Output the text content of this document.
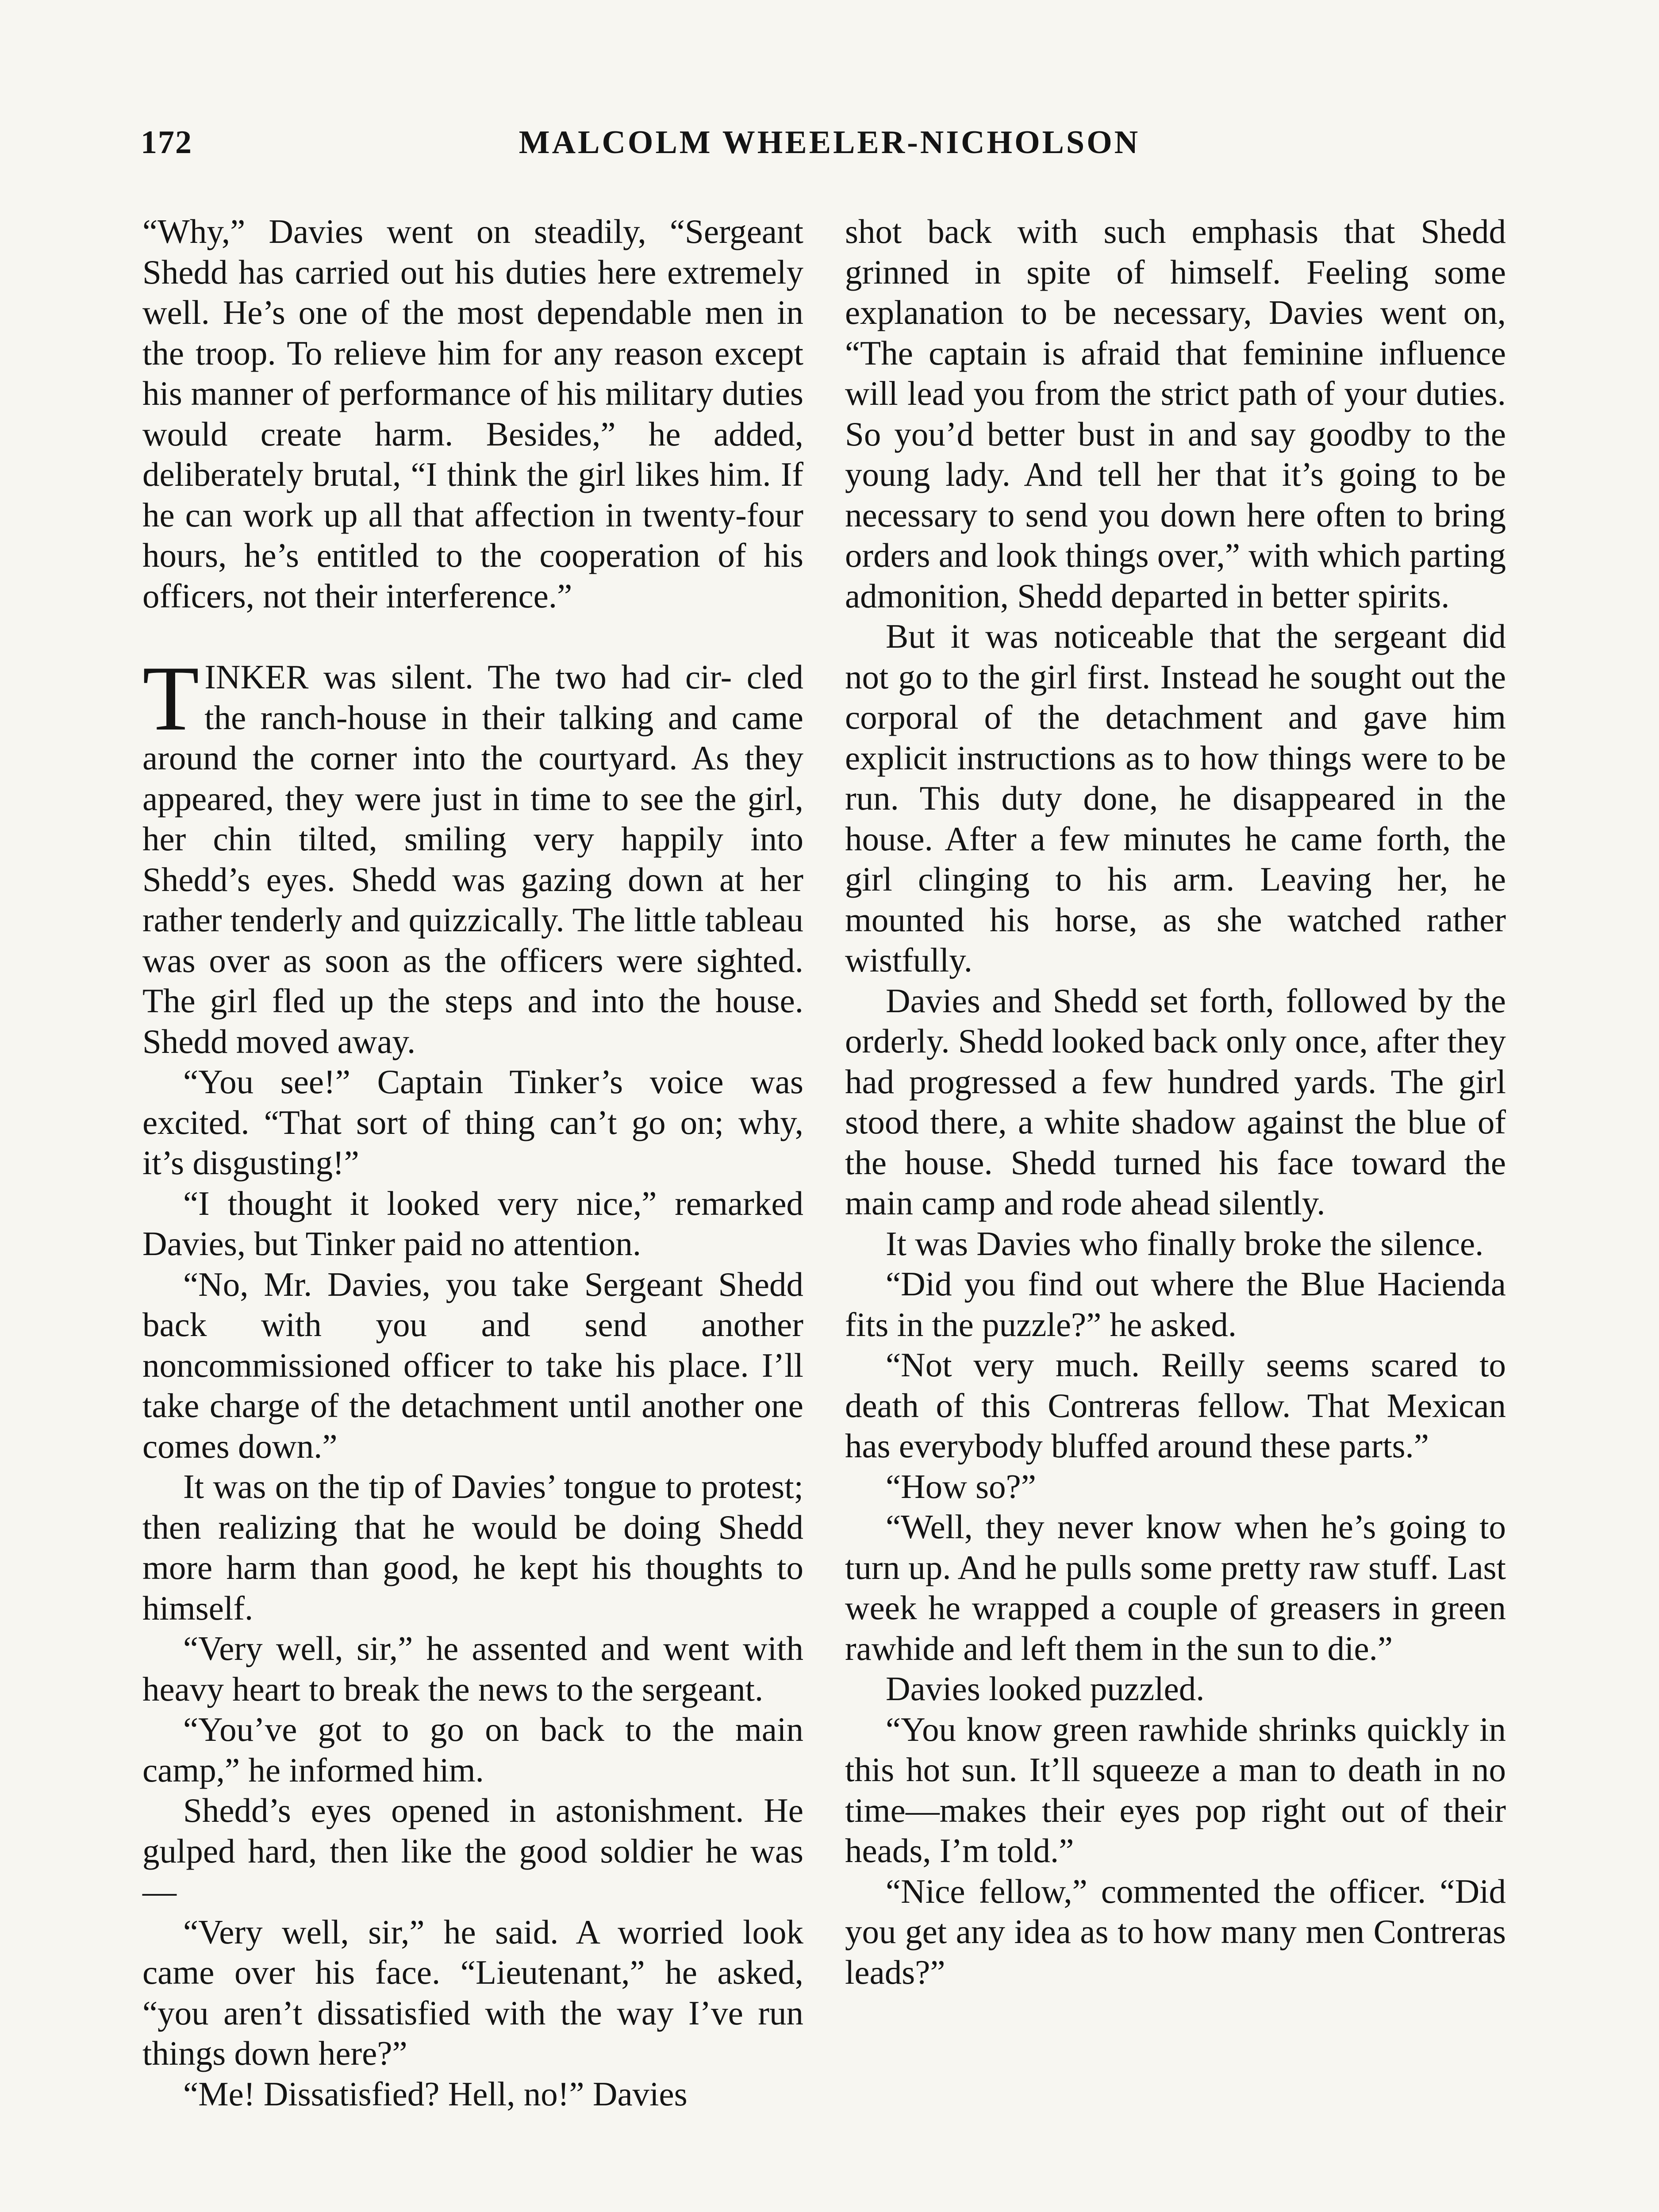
172	MALCOLM WHEELER-NICHOLSON

“Why,” Davies went on steadily, “Sergeant Shedd has carried out his duties here extremely well. He’s one of the most dependable men in the troop. To relieve him for any reason except his manner of performance of his military duties would create harm. Besides,” he added, deliberately brutal, “I think the girl likes him. If he can work up all that affection in twenty-four hours, he’s entitled to the cooperation of his officers, not their interference.”

TINKER was silent. The two had cir- cled the ranch-house in their talking and came around the corner into the courtyard. As they appeared, they were just in time to see the girl, her chin tilted, smiling very happily into Shedd’s eyes. Shedd was gazing down at her rather tenderly and quizzically. The little tableau was over as soon as the officers were sighted. The girl fled up the steps and into the house. Shedd moved away.

“You see!” Captain Tinker’s voice was excited. “That sort of thing can’t go on; why, it’s disgusting!”

“I thought it looked very nice,” remarked Davies, but Tinker paid no attention.

“No, Mr. Davies, you take Sergeant Shedd back with you and send another noncommissioned officer to take his place. I’ll take charge of the detachment until another one comes down.”

It was on the tip of Davies’ tongue to protest; then realizing that he would be doing Shedd more harm than good, he kept his thoughts to himself.

“Very well, sir,” he assented and went with heavy heart to break the news to the sergeant.

“You’ve got to go on back to the main camp,” he informed him.

Shedd’s eyes opened in astonishment. He gulped hard, then like the good soldier he was—

“Very well, sir,” he said. A worried look came over his face. “Lieutenant,” he asked, “you aren’t dissatisfied with the way I’ve run things down here?”

“Me! Dissatisfied? Hell, no!” Davies

shot back with such emphasis that Shedd grinned in spite of himself. Feeling some explanation to be necessary, Davies went on, “The captain is afraid that feminine influence will lead you from the strict path of your duties. So you’d better bust in and say goodby to the young lady. And tell her that it’s going to be necessary to send you down here often to bring orders and look things over,” with which parting admonition, Shedd departed in better spirits.

But it was noticeable that the sergeant did not go to the girl first. Instead he sought out the corporal of the detachment and gave him explicit instructions as to how things were to be run. This duty done, he disappeared in the house. After a few minutes he came forth, the girl clinging to his arm. Leaving her, he mounted his horse, as she watched rather wistfully.

Davies and Shedd set forth, followed by the orderly. Shedd looked back only once, after they had progressed a few hundred yards. The girl stood there, a white shadow against the blue of the house. Shedd turned his face toward the main camp and rode ahead silently.

It was Davies who finally broke the silence.

“Did you find out where the Blue Hacienda fits in the puzzle?” he asked.

“Not very much. Reilly seems scared to death of this Contreras fellow. That Mexican has everybody bluffed around these parts.”

“How so?”

“Well, they never know when he’s going to turn up. And he pulls some pretty raw stuff. Last week he wrapped a couple of greasers in green rawhide and left them in the sun to die.”

Davies looked puzzled.

“You know green rawhide shrinks quickly in this hot sun. It’ll squeeze a man to death in no time—makes their eyes pop right out of their heads, I’m told.”

“Nice fellow,” commented the officer. “Did you get any idea as to how many men Contreras leads?”
